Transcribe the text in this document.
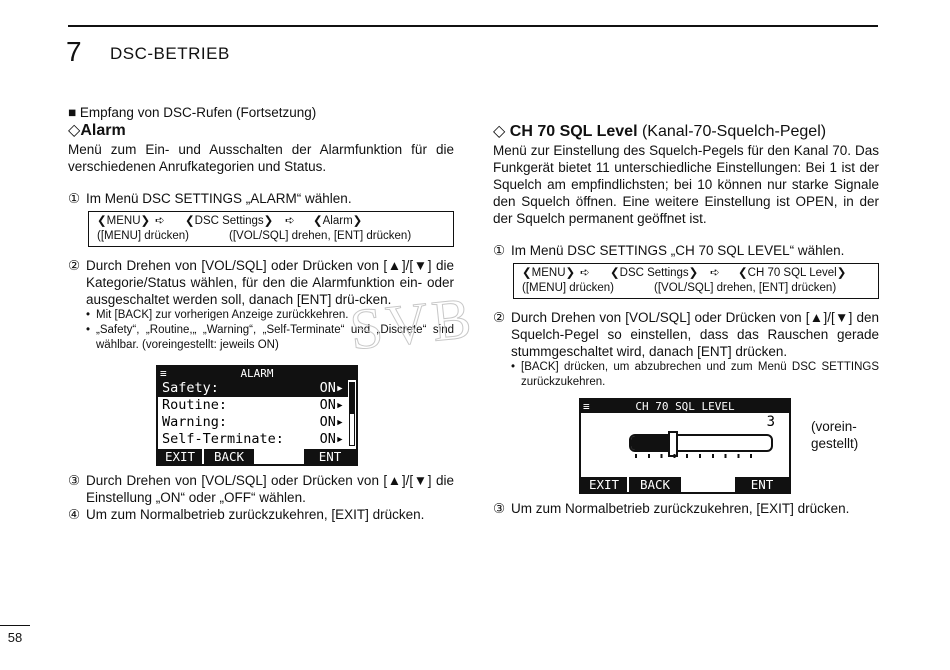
7 DSC-BETRIEB

■ Empfang von DSC-Rufen (Fortsetzung)

◇Alarm

Menü zum Ein- und Ausschalten der Alarmfunktion für die verschiedenen Anrufkategorien und Status.

① Im Menü DSC SETTINGS „ALARM“ wählen.
❮MENU❯ ➪	❮DSC Settings❯	➪	❮Alarm❯
([MENU] drücken)	([VOL/SQL] drehen, [ENT] drücken)
② Durch Drehen von [VOL/SQL] oder Drücken von [▲]/[▼] die Kategorie/Status wählen, für den die Alarmfunktion ein- oder ausgeschaltet werden soll, danach [ENT] drü-cken.
• Mit [BACK] zur vorherigen Anzeige zurückkehren.
• „Safety“, „Routine,„ „Warning“, „Self-Terminate“ und „Discrete“ sind wählbar. (voreingestellt: jeweils ON)
≡	ALARM
Safety:	ON▸
Routine:	ON▸
Warning:	ON▸
Self-Terminate:	ON▸
EXIT	BACK	ENT
③ Durch Drehen von [VOL/SQL] oder Drücken von [▲]/[▼] die Einstellung „ON“ oder „OFF“ wählen.
④ Um zum Normalbetrieb zurückzukehren, [EXIT] drücken.

◇ CH 70 SQL Level (Kanal-70-Squelch-Pegel)

Menü zur Einstellung des Squelch-Pegels für den Kanal 70. Das Funkgerät bietet 11 unterschiedliche Einstellungen: Bei 1 ist der Squelch am empfindlichsten; bei 10 können nur starke Signale den Squelch öffnen. Eine weitere Einstellung ist OPEN, in der der Squelch permanent geöffnet ist.

① Im Menü DSC SETTINGS „CH 70 SQL LEVEL“ wählen.
❮MENU❯ ➪	❮DSC Settings❯	➪	❮CH 70 SQL Level❯
([MENU] drücken)	([VOL/SQL] drehen, [ENT] drücken)
② Durch Drehen von [VOL/SQL] oder Drücken von [▲]/[▼] den Squelch-Pegel so einstellen, dass das Rauschen gerade stummgeschaltet wird, danach [ENT] drücken.
• [BACK] drücken, um abzubrechen und zum Menü DSC SETTINGS zurückzukehren.
≡	CH 70 SQL LEVEL
3
EXIT	BACK	ENT
(vorein-gestellt)
③ Um zum Normalbetrieb zurückzukehren, [EXIT] drücken.
SVB
58
